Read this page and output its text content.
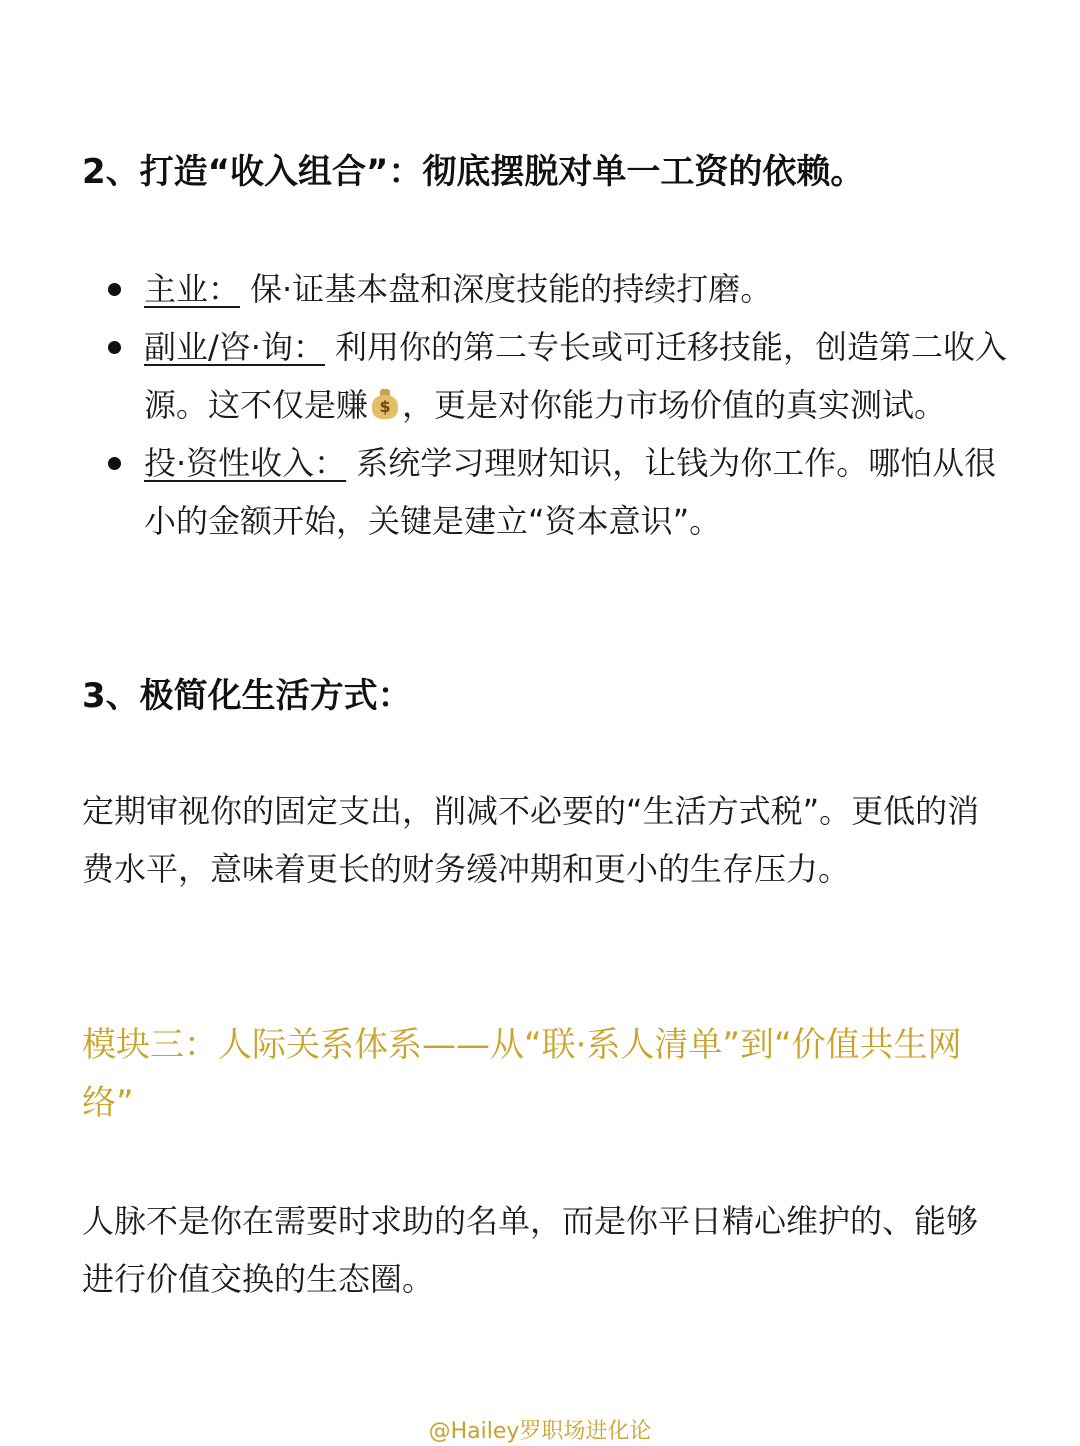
2、打造“收入组合”：彻底摆脱对单一工资的依赖。
主业： 保·证基本盘和深度技能的持续打磨。
副业/咨·询： 利用你的第二专长或可迁移技能，创造第二收入源。这不仅是赚 $ ，更是对你能力市场价值的真实测试。
投·资性收入： 系统学习理财知识，让钱为你工作。哪怕从很小的金额开始，关键是建立“资本意识”。
3、极简化生活方式：
定期审视你的固定支出，削减不必要的“生活方式税”。更低的消费水平，意味着更长的财务缓冲期和更小的生存压力。
模块三：人际关系体系——从“联·系人清单”到“价值共生网络”
人脉不是你在需要时求助的名单，而是你平日精心维护的、能够进行价值交换的生态圈。
@Hailey罗职场进化论
